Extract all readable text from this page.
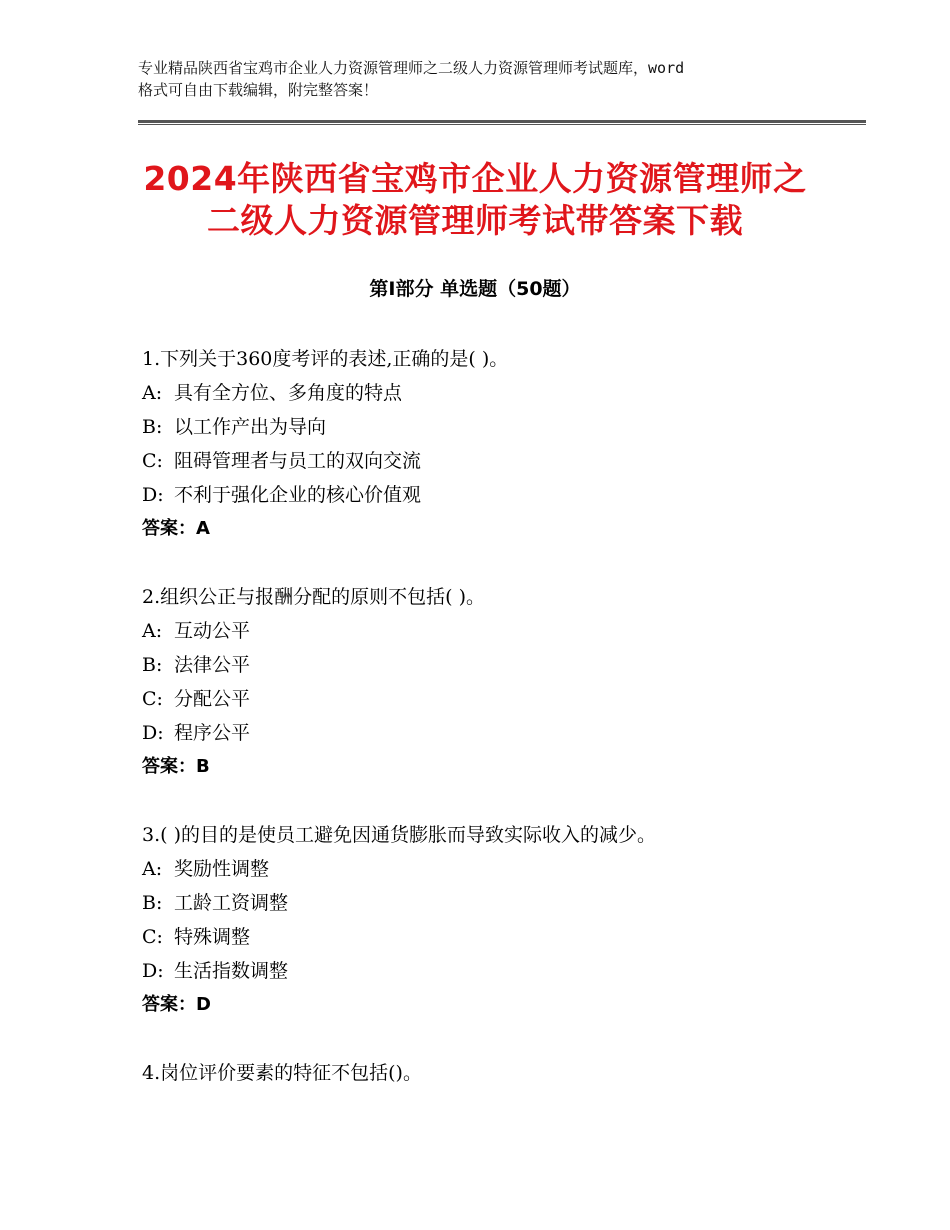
专业精品陕西省宝鸡市企业人力资源管理师之二级人力资源管理师考试题库，word
格式可自由下载编辑，附完整答案！
2024年陕西省宝鸡市企业人力资源管理师之
二级人力资源管理师考试带答案下载
第Ⅰ部分 单选题（50题）
1.下列关于360度考评的表述,正确的是( )。
A: 具有全方位、多角度的特点
B: 以工作产出为导向
C: 阻碍管理者与员工的双向交流
D: 不利于强化企业的核心价值观
答案：A
2.组织公正与报酬分配的原则不包括( )。
A: 互动公平
B: 法律公平
C: 分配公平
D: 程序公平
答案：B
3.( )的目的是使员工避免因通货膨胀而导致实际收入的减少。
A: 奖励性调整
B: 工龄工资调整
C: 特殊调整
D: 生活指数调整
答案：D
4.岗位评价要素的特征不包括()。
